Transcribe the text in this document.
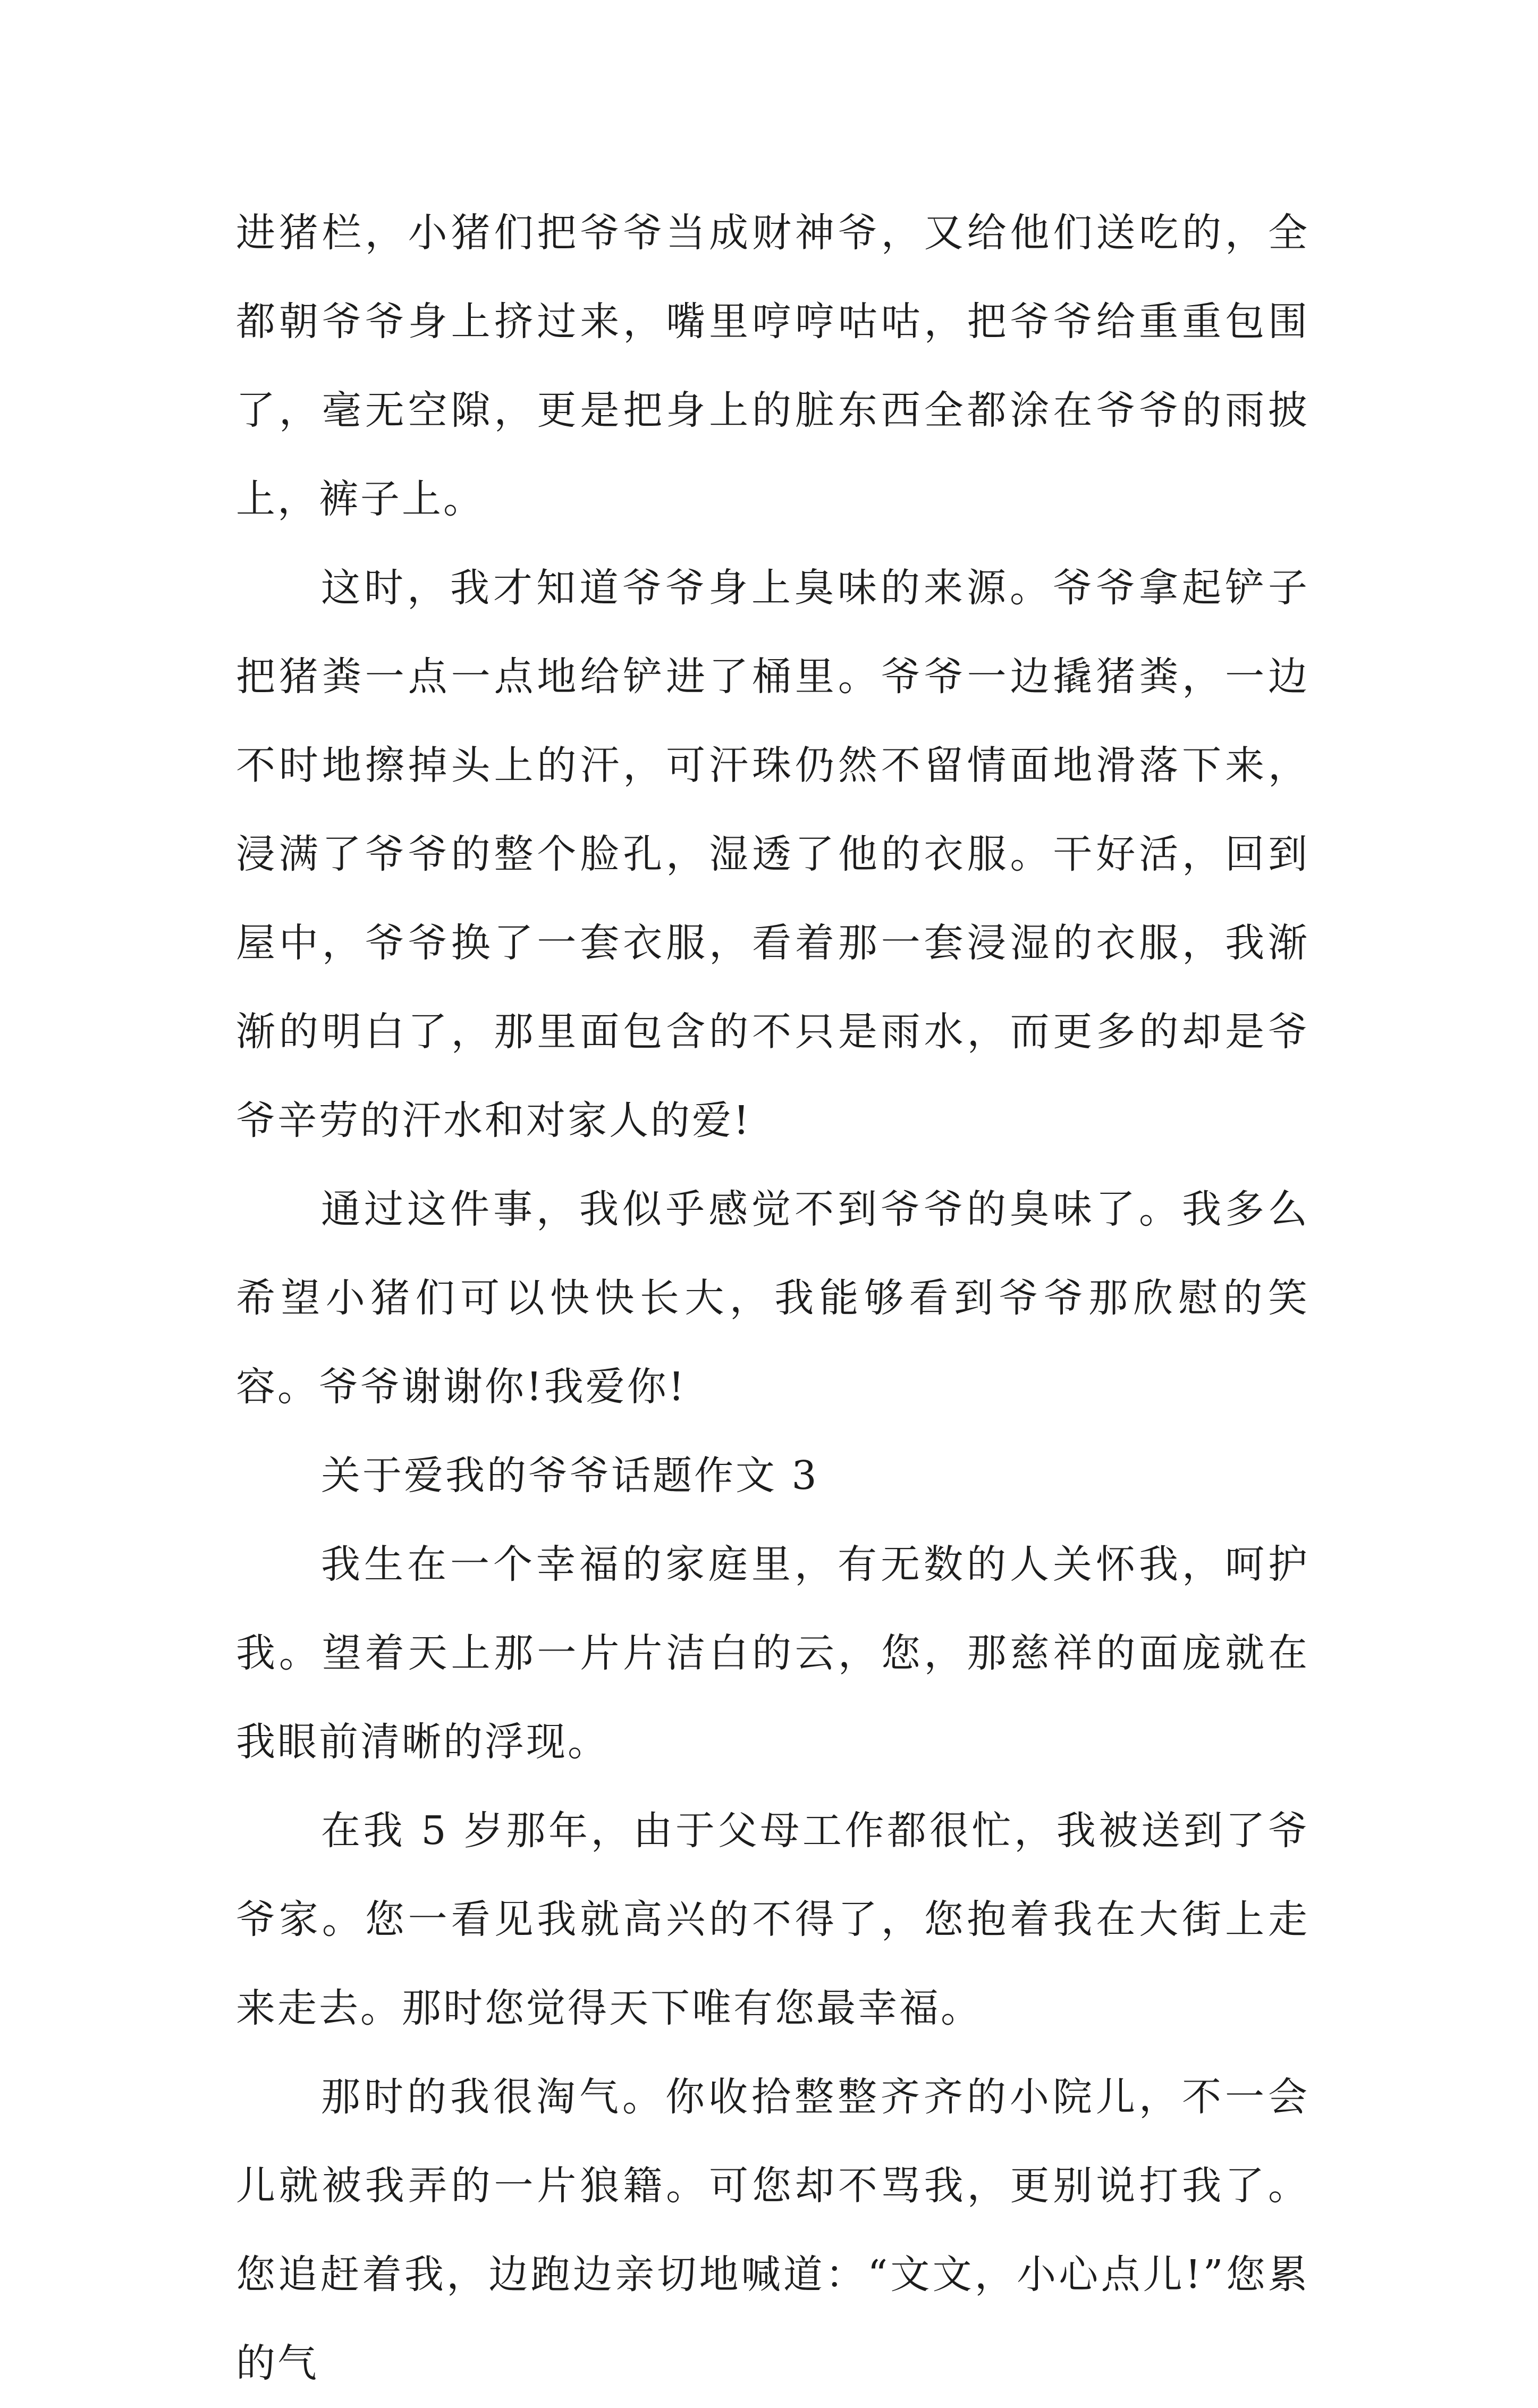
进猪栏，小猪们把爷爷当成财神爷，又给他们送吃的，全都朝爷爷身上挤过来，嘴里哼哼咕咕，把爷爷给重重包围了，毫无空隙，更是把身上的脏东西全都涂在爷爷的雨披上，裤子上。

这时，我才知道爷爷身上臭味的来源。爷爷拿起铲子把猪粪一点一点地给铲进了桶里。爷爷一边撬猪粪，一边不时地擦掉头上的汗，可汗珠仍然不留情面地滑落下来，浸满了爷爷的整个脸孔，湿透了他的衣服。干好活，回到屋中，爷爷换了一套衣服，看着那一套浸湿的衣服，我渐渐的明白了，那里面包含的不只是雨水，而更多的却是爷爷辛劳的汗水和对家人的爱!

通过这件事，我似乎感觉不到爷爷的臭味了。我多么希望小猪们可以快快长大，我能够看到爷爷那欣慰的笑容。爷爷谢谢你!我爱你!

关于爱我的爷爷话题作文 3

我生在一个幸福的家庭里，有无数的人关怀我，呵护我。望着天上那一片片洁白的云，您，那慈祥的面庞就在我眼前清晰的浮现。

在我 5 岁那年，由于父母工作都很忙，我被送到了爷爷家。您一看见我就高兴的不得了，您抱着我在大街上走来走去。那时您觉得天下唯有您最幸福。

那时的我很淘气。你收拾整整齐齐的小院儿，不一会儿就被我弄的一片狼籍。可您却不骂我，更别说打我了。您追赶着我，边跑边亲切地喊道：“文文，小心点儿!”您累的气
